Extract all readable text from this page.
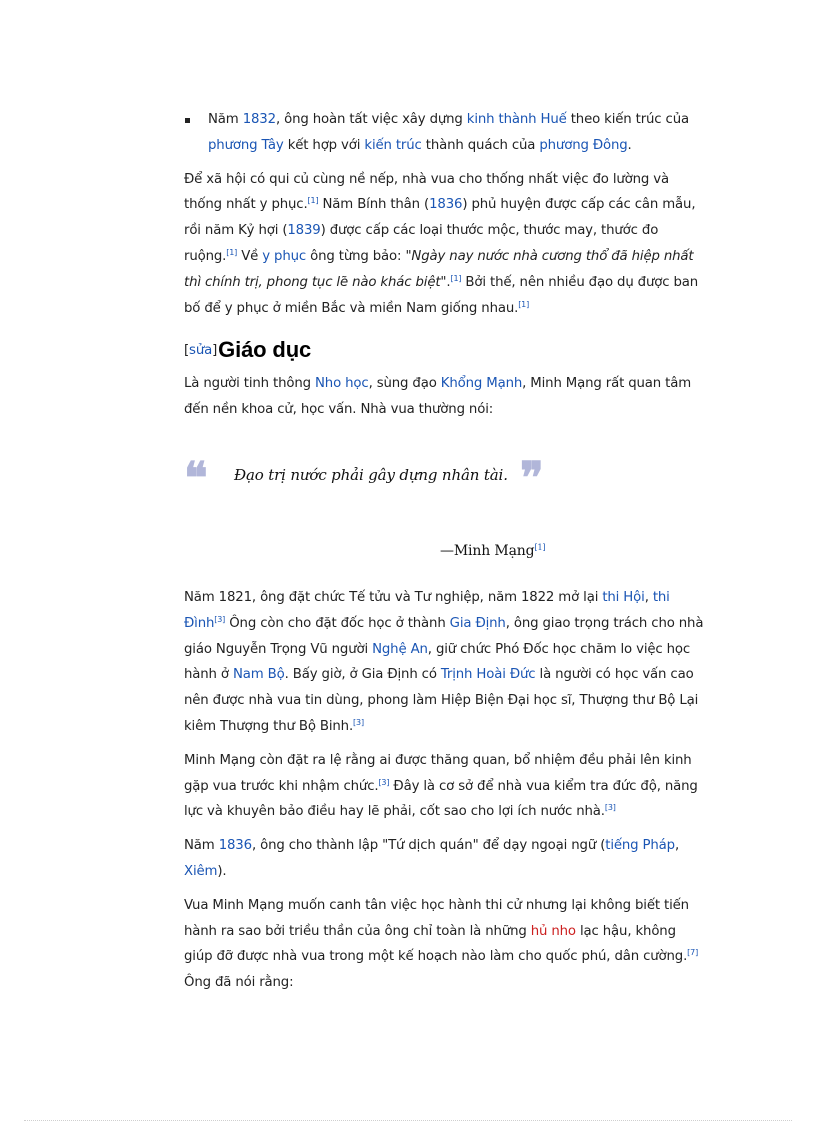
Năm 1832, ông hoàn tất việc xây dựng kinh thành Huế theo kiến trúc của phương Tây kết hợp với kiến trúc thành quách của phương Đông.

Để xã hội có qui củ cùng nề nếp, nhà vua cho thống nhất việc đo lường và thống nhất y phục.[1] Năm Bính thân (1836) phủ huyện được cấp các cân mẫu, rồi năm Kỷ hợi (1839) được cấp các loại thước mộc, thước may, thước đo ruộng.[1] Về y phục ông từng bảo: "Ngày nay nước nhà cương thổ đã hiệp nhất thì chính trị, phong tục lẽ nào khác biệt".[1] Bởi thế, nên nhiều đạo dụ được ban bố để y phục ở miền Bắc và miền Nam giống nhau.[1]

[sửa] Giáo dục

Là người tinh thông Nho học, sùng đạo Khổng Mạnh, Minh Mạng rất quan tâm đến nền khoa cử, học vấn. Nhà vua thường nói:

❝ Đạo trị nước phải gây dựng nhân tài. ❞
—Minh Mạng[1]

Năm 1821, ông đặt chức Tế tửu và Tư nghiệp, năm 1822 mở lại thi Hội, thi Đình[3] Ông còn cho đặt đốc học ở thành Gia Định, ông giao trọng trách cho nhà giáo Nguyễn Trọng Vũ người Nghệ An, giữ chức Phó Đốc học chăm lo việc học hành ở Nam Bộ. Bấy giờ, ở Gia Định có Trịnh Hoài Đức là người có học vấn cao nên được nhà vua tin dùng, phong làm Hiệp Biện Đại học sĩ, Thượng thư Bộ Lại kiêm Thượng thư Bộ Binh.[3]

Minh Mạng còn đặt ra lệ rằng ai được thăng quan, bổ nhiệm đều phải lên kinh gặp vua trước khi nhậm chức.[3] Đây là cơ sở để nhà vua kiểm tra đức độ, năng lực và khuyên bảo điều hay lẽ phải, cốt sao cho lợi ích nước nhà.[3]

Năm 1836, ông cho thành lập "Tứ dịch quán" để dạy ngoại ngữ (tiếng Pháp, Xiêm).

Vua Minh Mạng muốn canh tân việc học hành thi cử nhưng lại không biết tiến hành ra sao bởi triều thần của ông chỉ toàn là những hủ nho lạc hậu, không giúp đỡ được nhà vua trong một kế hoạch nào làm cho quốc phú, dân cường.[7] Ông đã nói rằng:
